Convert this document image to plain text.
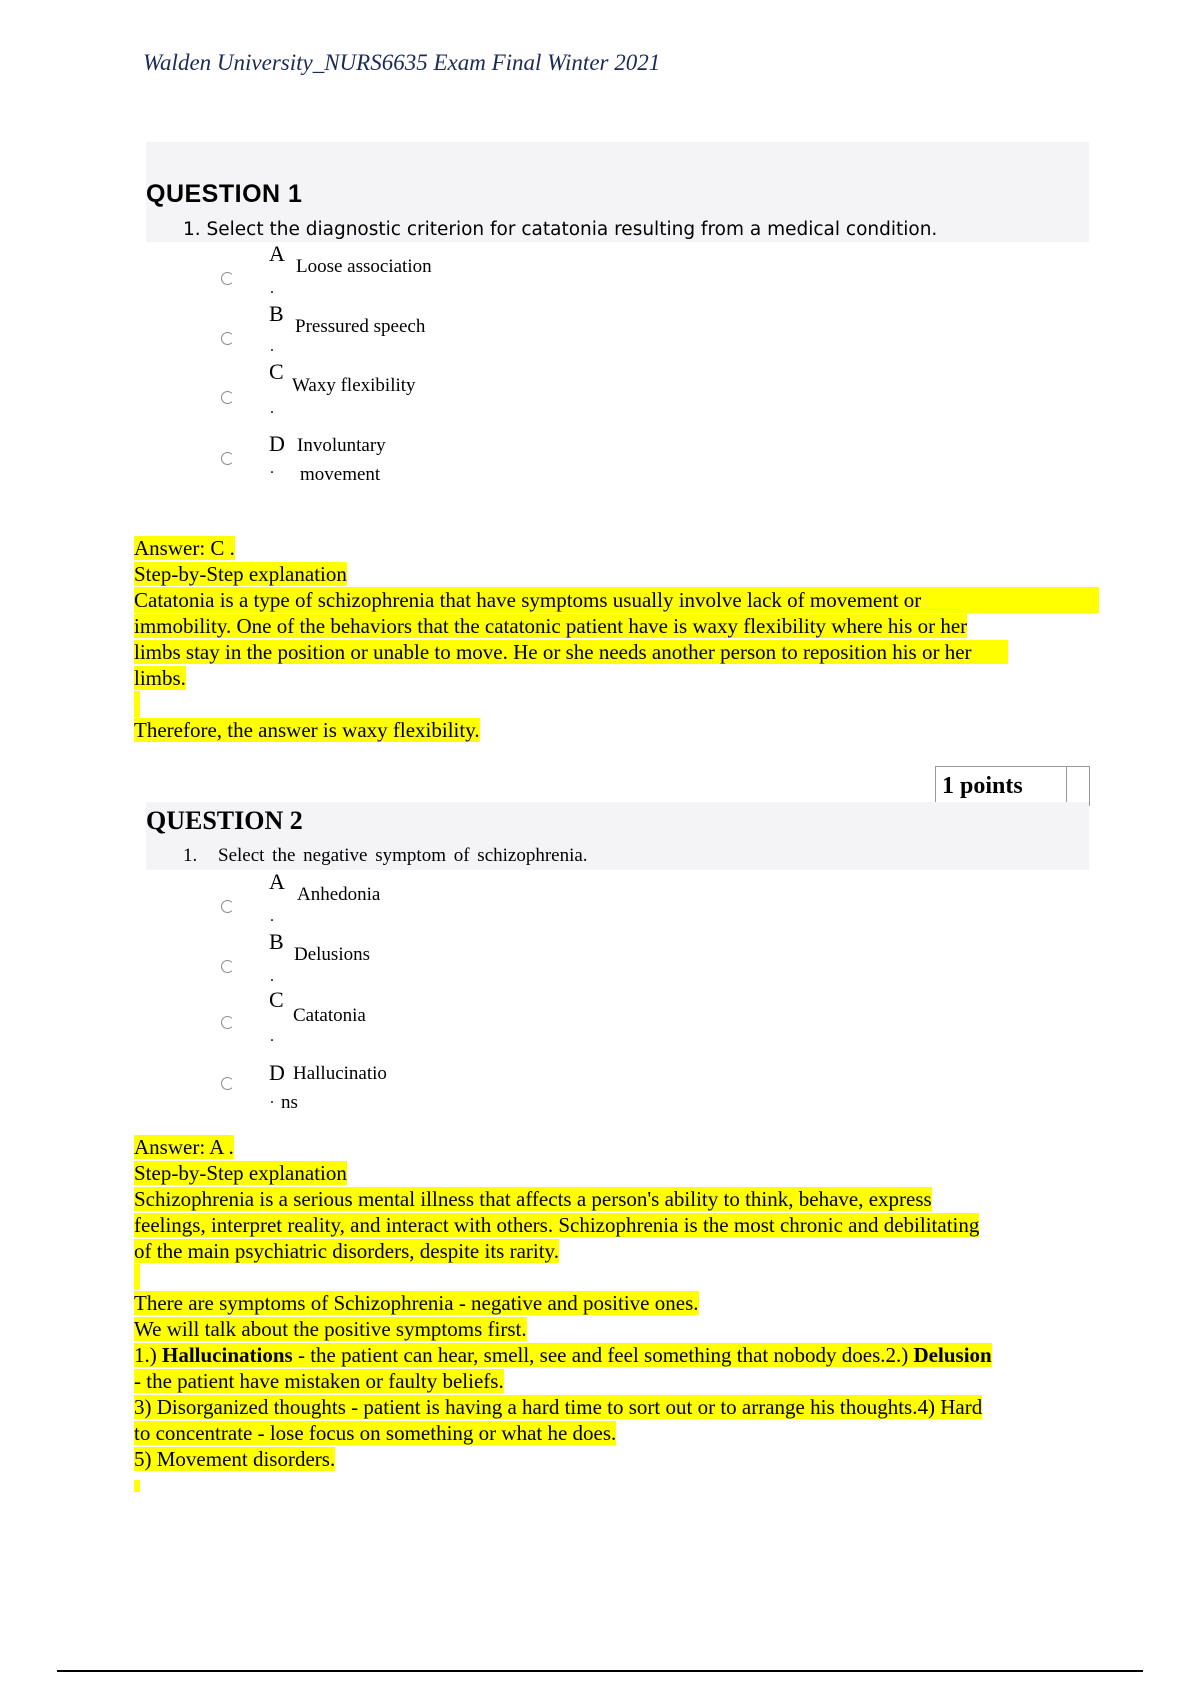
Walden University_NURS6635 Exam Final Winter 2021
QUESTION 1
1. Select the diagnostic criterion for catatonia resulting from a medical condition.
A
Loose association
.
B
Pressured speech
.
C
Waxy flexibility
.
D Involuntary
. movement
Answer: C .
Step-by-Step explanation
Catatonia is a type of schizophrenia that have symptoms usually involve lack of movement or
immobility. One of the behaviors that the catatonic patient have is waxy flexibility where his or her
limbs stay in the position or unable to move. He or she needs another person to reposition his or her
limbs.

Therefore, the answer is waxy flexibility.
1 points
QUESTION 2
1. Select the negative symptom of schizophrenia.
A
Anhedonia
.
B
Delusions
.
C
Catatonia
.
D Hallucinatio
. ns
Answer: A .
Step-by-Step explanation
Schizophrenia is a serious mental illness that affects a person's ability to think, behave, express
feelings, interpret reality, and interact with others. Schizophrenia is the most chronic and debilitating
of the main psychiatric disorders, despite its rarity.

There are symptoms of Schizophrenia - negative and positive ones.
We will talk about the positive symptoms first.
1.) Hallucinations - the patient can hear, smell, see and feel something that nobody does.2.) Delusion
- the patient have mistaken or faulty beliefs.
3) Disorganized thoughts - patient is having a hard time to sort out or to arrange his thoughts.4) Hard
to concentrate - lose focus on something or what he does.
5) Movement disorders.
